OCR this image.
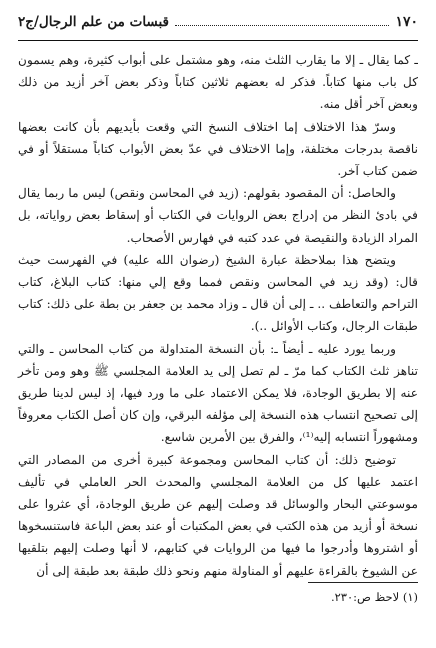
١٧٠
قبسات من علم الرجال/ج٢

ـ كما يقال ـ إلا ما يقارب الثلث منه، وهو مشتمل على أبواب كثيرة، وهم يسمون كل باب منها كتاباً. فذكر له بعضهم ثلاثين كتاباً وذكر بعض آخر أزيد من ذلك وبعض آخر أقل منه.

وسرّ هذا الاختلاف إما اختلاف النسخ التي وقعت بأيديهم بأن كانت بعضها ناقصة بدرجات مختلفة، وإما الاختلاف في عدّ بعض الأبواب كتاباً مستقلاً أو في ضمن كتاب آخر.

والحاصل: أن المقصود بقولهم: (زيد في المحاسن ونقص) ليس ما ربما يقال في بادئ النظر من إدراج بعض الروايات في الكتاب أو إسقاط بعض رواياته، بل المراد الزيادة والنقيصة في عدد كتبه في فهارس الأصحاب.

ويتضح هذا بملاحظة عبارة الشيخ (رضوان الله عليه) في الفهرست حيث قال: (وقد زيد في المحاسن ونقص فمما وقع إلي منها: كتاب البلاغ، كتاب التراحم والتعاطف .. ـ إلى أن قال ـ وزاد محمد بن جعفر بن بطة على ذلك: كتاب طبقات الرجال، وكتاب الأوائل ..).

وربما يورد عليه ـ أيضاً ـ: بأن النسخة المتداولة من كتاب المحاسن ـ والتي تناهز ثلث الكتاب كما مرّ ـ لم تصل إلى يد العلامة المجلسي ﷺ وهو ومن تأخر عنه إلا بطريق الوجادة، فلا يمكن الاعتماد على ما ورد فيها، إذ ليس لدينا طريق إلى تصحيح انتساب هذه النسخة إلى مؤلفه البرقي، وإن كان أصل الكتاب معروفاً ومشهوراً انتسابه إليه⁽¹⁾، والفرق بين الأمرين شاسع.

توضيح ذلك: أن كتاب المحاسن ومجموعة كبيرة أخرى من المصادر التي اعتمد عليها كل من العلامة المجلسي والمحدث الحر العاملي في تأليف موسوعتي البحار والوسائل قد وصلت إليهم عن طريق الوجادة، أي عثروا على نسخة أو أزيد من هذه الكتب في بعض المكتبات أو عند بعض الباعة فاستنسخوها أو اشتروها وأدرجوا ما فيها من الروايات في كتابهم، لا أنها وصلت إليهم بتلقيها عن الشيوخ بالقراءة عليهم أو المناولة منهم ونحو ذلك طبقة بعد طبقة إلى أن

(١) لاحظ ص:٢٣٠.
